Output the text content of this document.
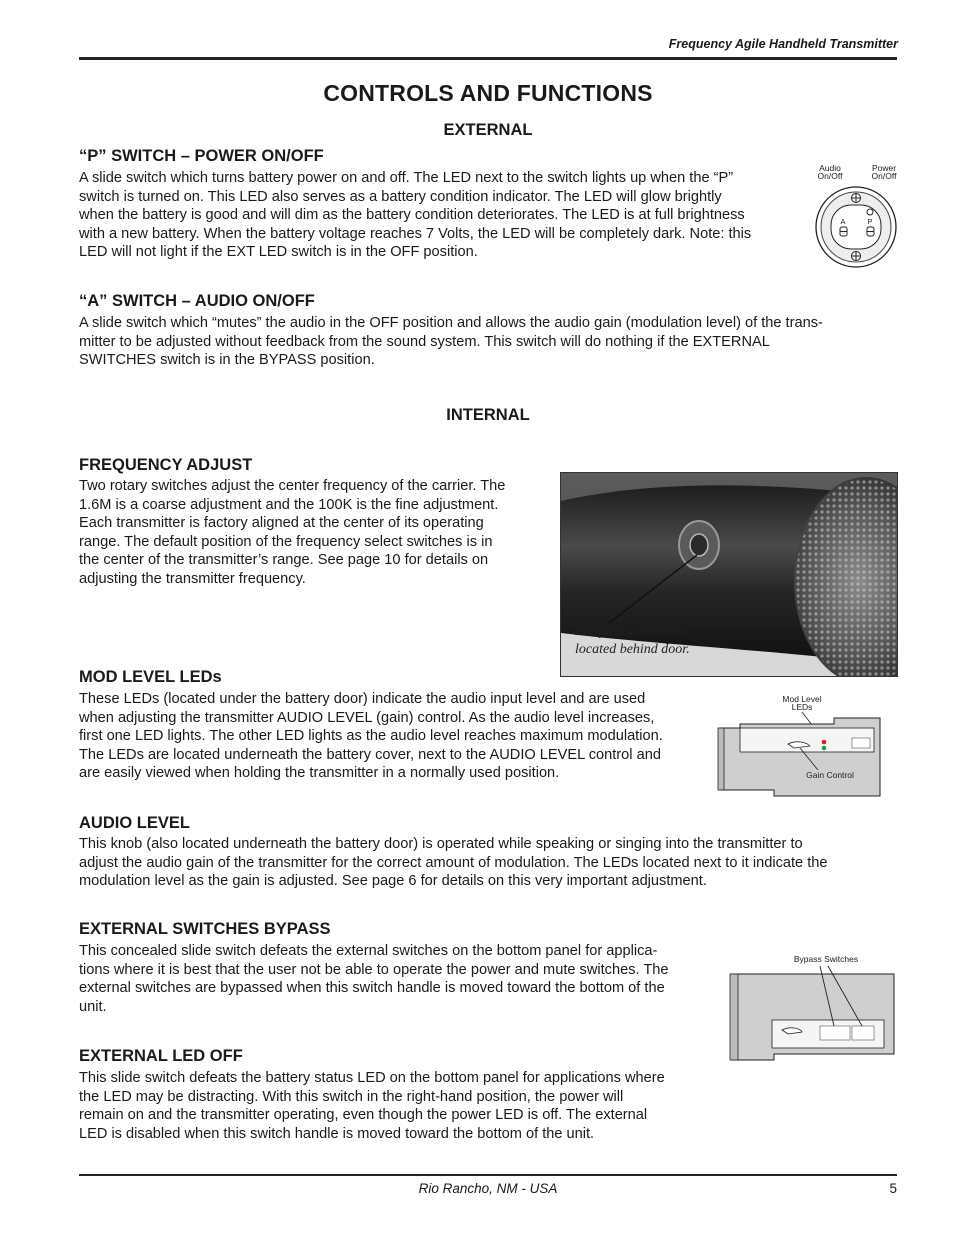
Frequency Agile Handheld Transmitter
CONTROLS AND FUNCTIONS
EXTERNAL
“P” SWITCH – POWER ON/OFF
A slide switch which turns battery power on and off. The LED next to the switch lights up when the “P”
switch is turned on. This LED also serves as a battery condition indicator. The LED will glow brightly
when the battery is good and will dim as the battery condition deteriorates. The LED is at full brightness
with a new battery. When the battery voltage reaches 7 Volts, the LED will be completely dark. Note: this
LED will not light if the EXT LED switch is in the OFF position.
Audio
On/Off
Power
On/Off
A	P
“A” SWITCH – AUDIO ON/OFF
A slide switch which “mutes” the audio in the OFF position and allows the audio gain (modulation level) of the trans-
mitter to be adjusted without feedback from the sound system. This switch will do nothing if the EXTERNAL
SWITCHES switch is in the BYPASS position.
INTERNAL
FREQUENCY ADJUST
Two rotary switches adjust the center frequency of the carrier. The
1.6M is a coarse adjustment and the 100K is the fine adjustment.
Each transmitter is factory aligned at the center of its operating
range. The default position of the frequency select switches is in
the center of the transmitter’s range. See page 10 for details on
adjusting the transmitter frequency.
Frequency switches
located behind door.
MOD LEVEL LEDs
These LEDs (located under the battery door) indicate the audio input level and are used
when adjusting the transmitter AUDIO LEVEL (gain) control. As the audio level increases,
first one LED lights. The other LED lights as the audio level reaches maximum modulation.
The LEDs are located underneath the battery cover, next to the AUDIO LEVEL control and
are easily viewed when holding the transmitter in a normally used position.
Mod Level
LEDs
Gain Control
AUDIO LEVEL
This knob (also located underneath the battery door) is operated while speaking or singing into the transmitter to
adjust the audio gain of the transmitter for the correct amount of modulation. The LEDs located next to it indicate the
modulation level as the gain is adjusted. See page 6 for details on this very important adjustment.
EXTERNAL SWITCHES BYPASS
This concealed slide switch defeats the external switches on the bottom panel for applica-
tions where it is best that the user not be able to operate the power and mute switches. The
external switches are bypassed when this switch handle is moved toward the bottom of the
unit.
Bypass Switches
EXTERNAL LED OFF
This slide switch defeats the battery status LED on the bottom panel for applications where
the LED may be distracting. With this switch in the right-hand position, the power will
remain on and the transmitter operating, even though the power LED is off. The external
LED is disabled when this switch handle is moved toward the bottom of the unit.
Rio Rancho, NM - USA	5
